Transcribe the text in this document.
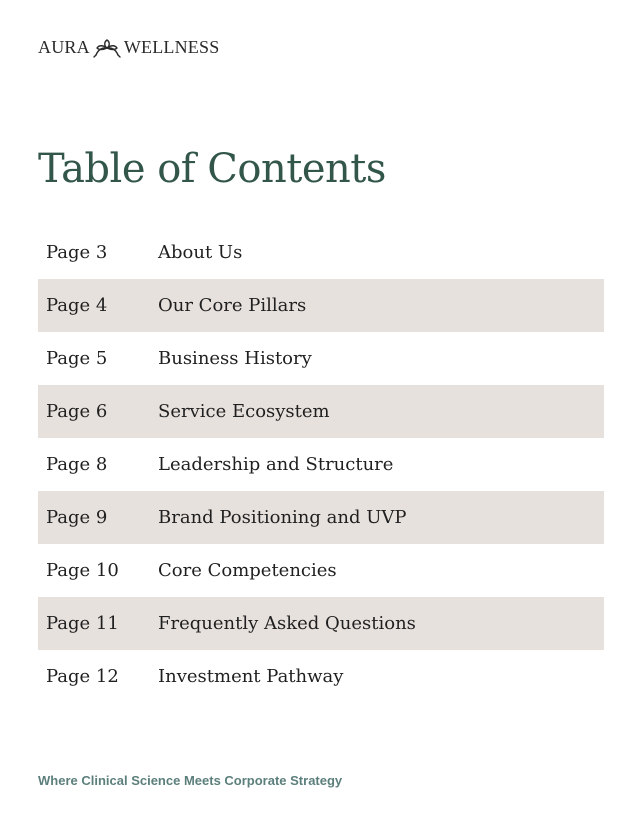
AURA WELLNESS
Table of Contents
Page 3	About Us
Page 4	Our Core Pillars
Page 5	Business History
Page 6	Service Ecosystem
Page 8	Leadership and Structure
Page 9	Brand Positioning and UVP
Page 10	Core Competencies
Page 11	Frequently Asked Questions
Page 12	Investment Pathway
Where Clinical Science Meets Corporate Strategy
